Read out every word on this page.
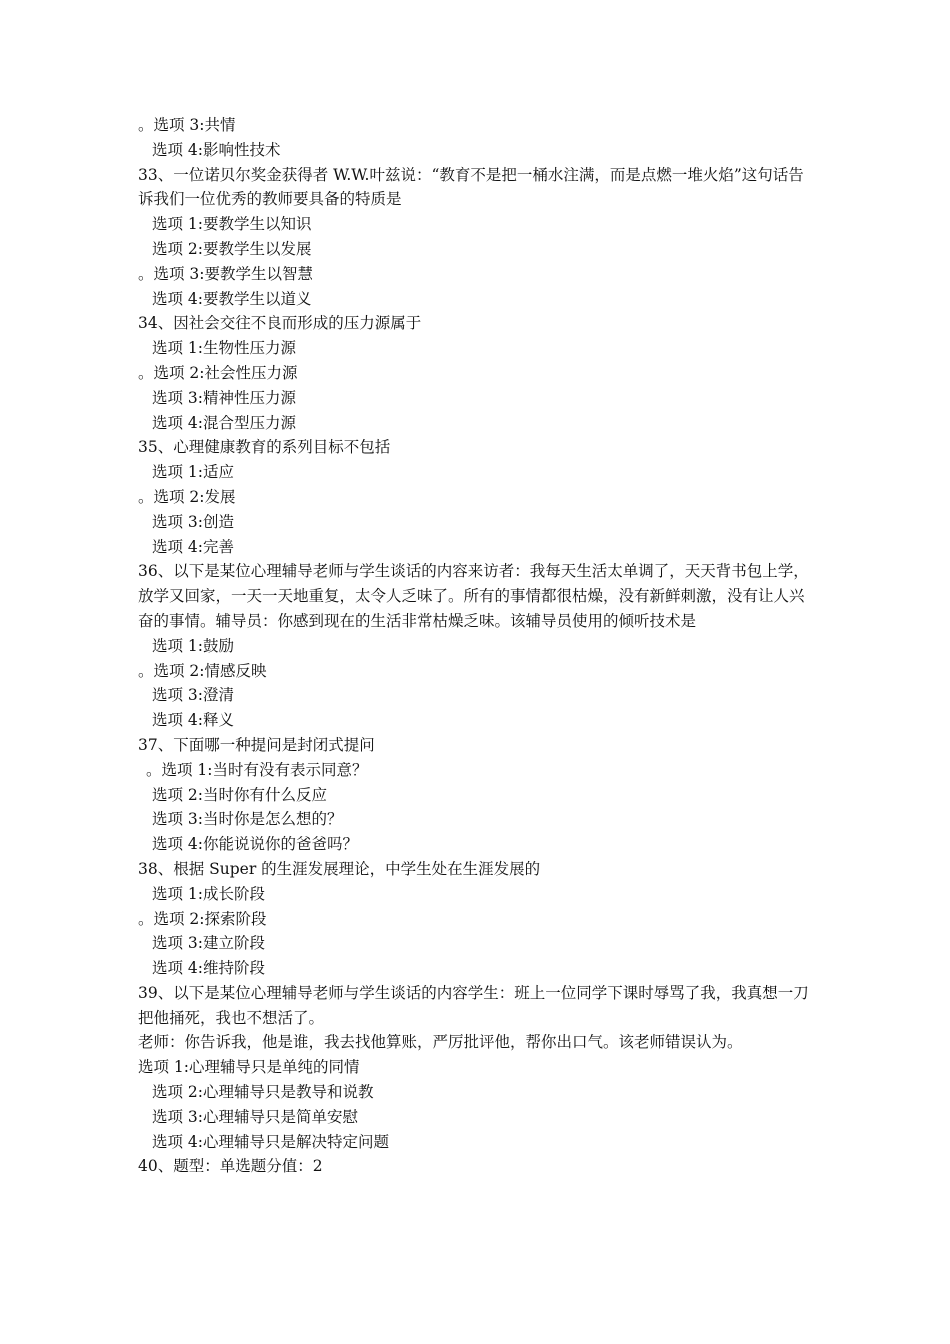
。选项 3:共情
选项 4:影响性技术
33、一位诺贝尔奖金获得者 W.W.叶兹说：“教育不是把一桶水注满，而是点燃一堆火焰”这句话告诉我们一位优秀的教师要具备的特质是
选项 1:要教学生以知识
选项 2:要教学生以发展
。选项 3:要教学生以智慧
选项 4:要教学生以道义
34、因社会交往不良而形成的压力源属于
选项 1:生物性压力源
。选项 2:社会性压力源
选项 3:精神性压力源
选项 4:混合型压力源
35、心理健康教育的系列目标不包括
选项 1:适应
。选项 2:发展
选项 3:创造
选项 4:完善
36、以下是某位心理辅导老师与学生谈话的内容来访者：我每天生活太单调了，天天背书包上学，放学又回家，一天一天地重复，太令人乏味了。所有的事情都很枯燥，没有新鲜刺激，没有让人兴奋的事情。辅导员：你感到现在的生活非常枯燥乏味。该辅导员使用的倾听技术是
选项 1:鼓励
。选项 2:情感反映
选项 3:澄清
选项 4:释义
37、下面哪一种提问是封闭式提问
。选项 1:当时有没有表示同意？
选项 2:当时你有什么反应
选项 3:当时你是怎么想的？
选项 4:你能说说你的爸爸吗？
38、根据 Super 的生涯发展理论，中学生处在生涯发展的
选项 1:成长阶段
。选项 2:探索阶段
选项 3:建立阶段
选项 4:维持阶段
39、以下是某位心理辅导老师与学生谈话的内容学生：班上一位同学下课时辱骂了我，我真想一刀把他捅死，我也不想活了。
老师：你告诉我，他是谁，我去找他算账，严厉批评他，帮你出口气。该老师错误认为。
选项 1:心理辅导只是单纯的同情
选项 2:心理辅导只是教导和说教
选项 3:心理辅导只是简单安慰
选项 4:心理辅导只是解决特定问题
40、题型：单选题分值：2
